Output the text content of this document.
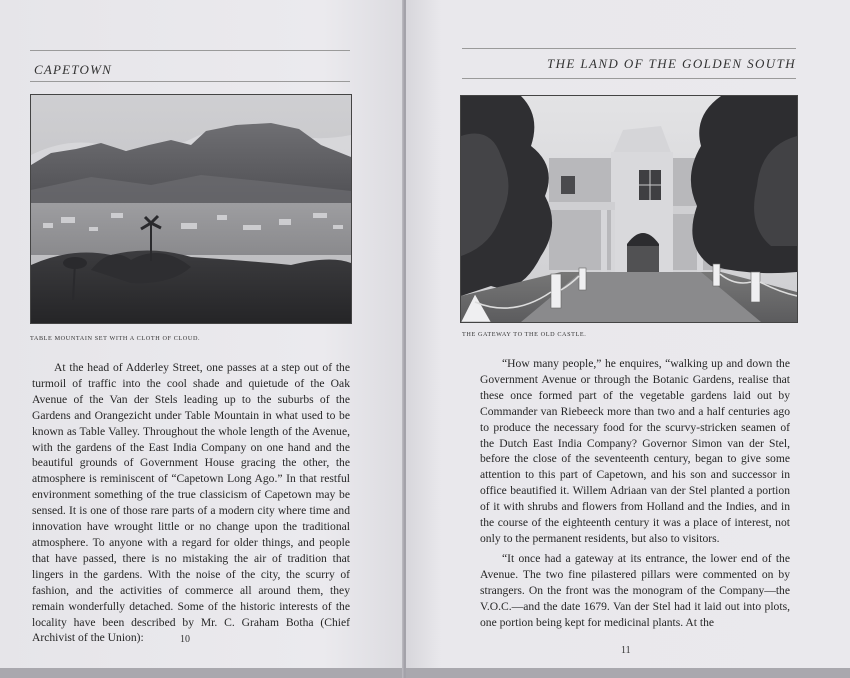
CAPETOWN
TABLE MOUNTAIN SET WITH A CLOTH OF CLOUD.

At the head of Adderley Street, one passes at a step out of the turmoil of traffic into the cool shade and quietude of the Oak Avenue of the Van der Stels leading up to the suburbs of the Gardens and Orangezicht under Table Mountain in what used to be known as Table Valley. Throughout the whole length of the Avenue, with the gardens of the East India Company on one hand and the beautiful grounds of Government House gracing the other, the atmosphere is reminiscent of “Capetown Long Ago.” In that restful environment something of the true classicism of Capetown may be sensed. It is one of those rare parts of a modern city where time and innovation have wrought little or no change upon the traditional atmosphere. To anyone with a regard for older things, and people that have passed, there is no mistaking the air of tradition that lingers in the gardens. With the noise of the city, the scurry of fashion, and the activities of commerce all around them, they remain wonderfully detached. Some of the historic interests of the locality have been described by Mr. C. Graham Botha (Chief Archivist of the Union):	10
THE LAND OF THE GOLDEN SOUTH
THE GATEWAY TO THE OLD CASTLE.

“How many people,” he enquires, “walking up and down the Government Avenue or through the Botanic Gardens, realise that these once formed part of the vegetable gardens laid out by Commander van Riebeeck more than two and a half centuries ago to produce the necessary food for the scurvy-stricken seamen of the Dutch East India Company? Governor Simon van der Stel, before the close of the seventeenth century, began to give some attention to this part of Capetown, and his son and successor in office beautified it. Willem Adriaan van der Stel planted a portion of it with shrubs and flowers from Holland and the Indies, and in the course of the eighteenth century it was a place of interest, not only to the permanent residents, but also to visitors.

“It once had a gateway at its entrance, the lower end of the Avenue. The two fine pilastered pillars were commented on by strangers. On the front was the monogram of the Company—the V.O.C.—and the date 1679. Van der Stel had it laid out into plots, one portion being kept for medicinal plants. At the

11
